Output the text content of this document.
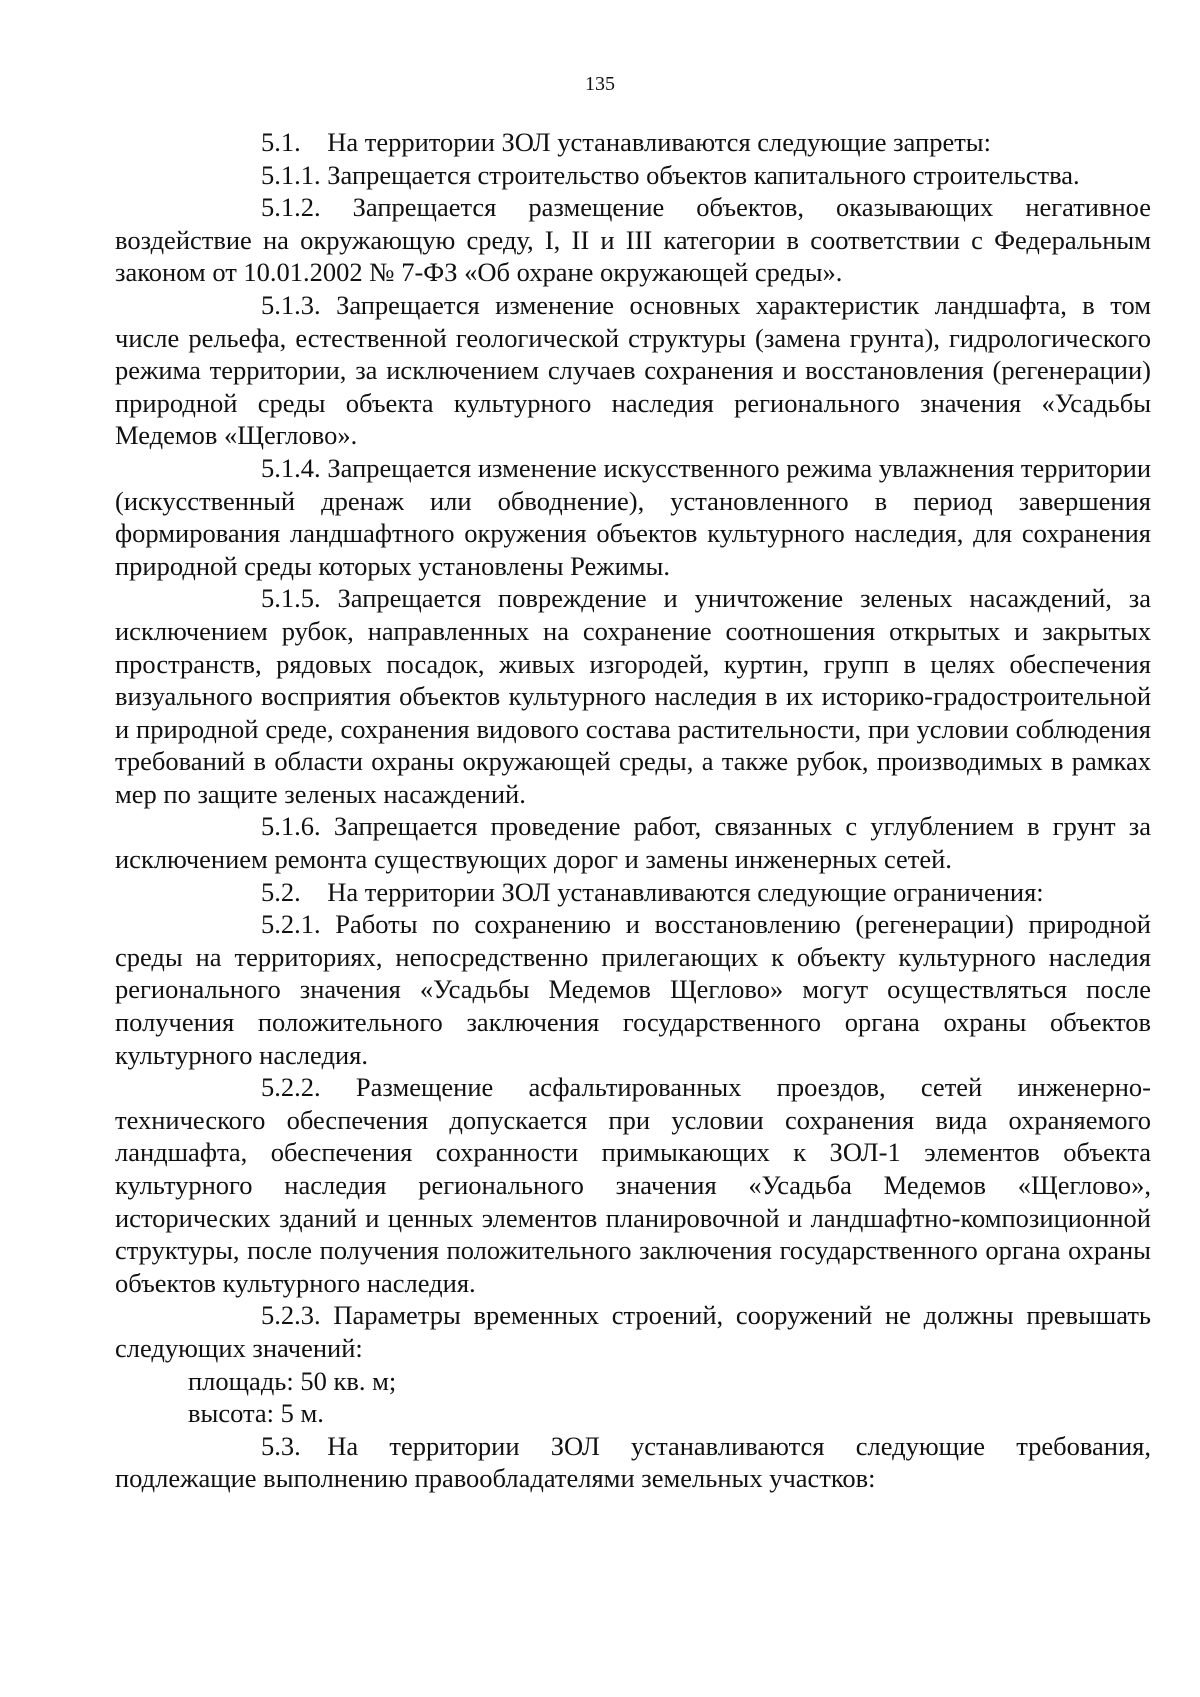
135

5.1.  На территории ЗОЛ устанавливаются следующие запреты:

5.1.1. Запрещается строительство объектов капитального строительства.

5.1.2. Запрещается размещение объектов, оказывающих негативное воздействие на окружающую среду, I, II и III категории в соответствии с Федеральным законом от 10.01.2002 № 7-ФЗ «Об охране окружающей среды».

5.1.3. Запрещается изменение основных характеристик ландшафта, в том числе рельефа, естественной геологической структуры (замена грунта), гидрологического режима территории, за исключением случаев сохранения и восстановления (регенерации) природной среды объекта культурного наследия регионального значения «Усадьбы Медемов «Щеглово».

5.1.4. Запрещается изменение искусственного режима увлажнения территории (искусственный дренаж или обводнение), установленного в период завершения формирования ландшафтного окружения объектов культурного наследия, для сохранения природной среды которых установлены Режимы.

5.1.5. Запрещается повреждение и уничтожение зеленых насаждений, за исключением рубок, направленных на сохранение соотношения открытых и закрытых пространств, рядовых посадок, живых изгородей, куртин, групп в целях обеспечения визуального восприятия объектов культурного наследия в их историко-градостроительной и природной среде, сохранения видового состава растительности, при условии соблюдения требований в области охраны окружающей среды, а также рубок, производимых в рамках мер по защите зеленых насаждений.

5.1.6. Запрещается проведение работ, связанных с углублением в грунт за исключением ремонта существующих дорог и замены инженерных сетей.

5.2.  На территории ЗОЛ устанавливаются следующие ограничения:

5.2.1. Работы по сохранению и восстановлению (регенерации) природной среды на территориях, непосредственно прилегающих к объекту культурного наследия регионального значения «Усадьбы Медемов Щеглово» могут осуществляться после получения положительного заключения государственного органа охраны объектов культурного наследия.

5.2.2. Размещение асфальтированных проездов, сетей инженерно-технического обеспечения допускается при условии сохранения вида охраняемого ландшафта, обеспечения сохранности примыкающих к ЗОЛ-1 элементов объекта культурного наследия регионального значения «Усадьба Медемов «Щеглово», исторических зданий и ценных элементов планировочной и ландшафтно-композиционной структуры, после получения положительного заключения государственного органа охраны объектов культурного наследия.

5.2.3. Параметры временных строений, сооружений не должны превышать следующих значений:

площадь: 50 кв. м;

высота: 5 м.

5.3.  На территории ЗОЛ устанавливаются следующие требования, подлежащие выполнению правообладателями земельных участков:
